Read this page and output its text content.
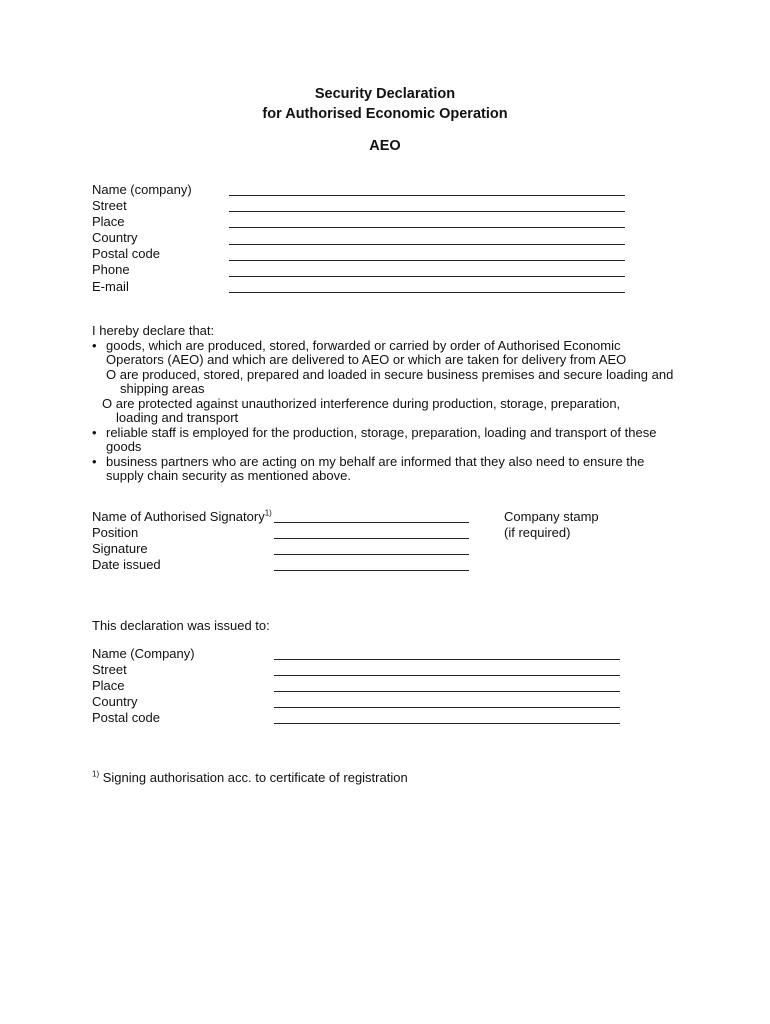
Security Declaration
for Authorised Economic Operation
AEO
Name (company)
Street
Place
Country
Postal code
Phone
E-mail

I hereby declare that:

• goods, which are produced, stored, forwarded or carried by order of Authorised Economic

Operators (AEO) and which are delivered to AEO or which are taken for delivery from AEO

O are produced, stored, prepared and loaded in secure business premises and secure loading and

shipping areas

O are protected against unauthorized interference during production, storage, preparation,

loading and transport

• reliable staff is employed for the production, storage, preparation, loading and transport of these

goods

• business partners who are acting on my behalf are informed that they also need to ensure the

supply chain security as mentioned above.

Name of Authorised Signatory$^{1)}$
Position
Signature
Date issued
Company stamp
(if required)
This declaration was issued to:
Name (Company)
Street
Place
Country
Postal code
$^{1)}$ Signing authorisation acc. to certificate of registration
